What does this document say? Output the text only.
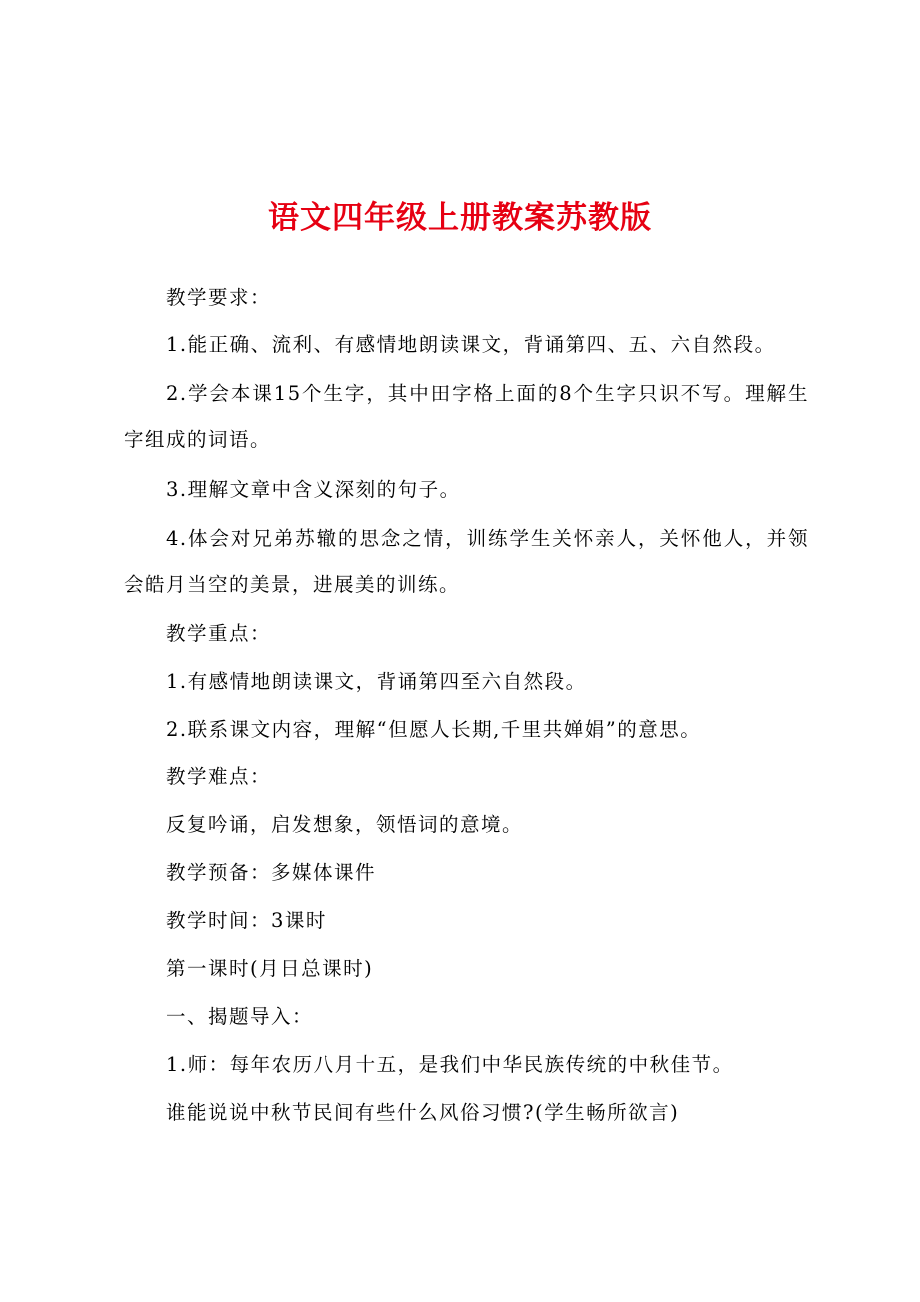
语文四年级上册教案苏教版

教学要求：

1.能正确、流利、有感情地朗读课文，背诵第四、五、六自然段。

2.学会本课15个生字，其中田字格上面的8个生字只识不写。理解生字组成的词语。

3.理解文章中含义深刻的句子。

4.体会对兄弟苏辙的思念之情，训练学生关怀亲人，关怀他人，并领会皓月当空的美景，进展美的训练。

教学重点：

1.有感情地朗读课文，背诵第四至六自然段。

2.联系课文内容，理解“但愿人长期,千里共婵娟”的意思。

教学难点：

反复吟诵，启发想象，领悟词的意境。

教学预备：多媒体课件

教学时间：3课时

第一课时(月日总课时)

一、揭题导入：

1.师：每年农历八月十五，是我们中华民族传统的中秋佳节。

谁能说说中秋节民间有些什么风俗习惯?(学生畅所欲言)
